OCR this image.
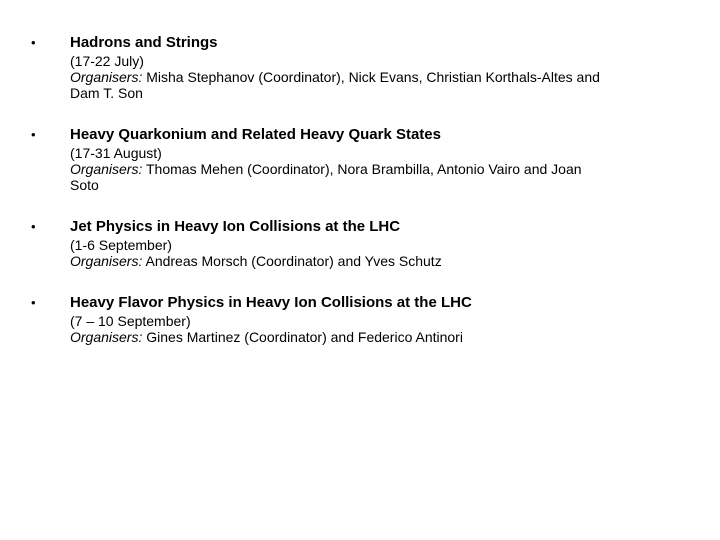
• Hadrons and Strings
(17-22 July)
Organisers: Misha Stephanov (Coordinator), Nick Evans, Christian Korthals-Altes and
Dam T. Son
• Heavy Quarkonium and Related Heavy Quark States
(17-31 August)
Organisers: Thomas Mehen (Coordinator), Nora Brambilla, Antonio Vairo and Joan
Soto
• Jet Physics in Heavy Ion Collisions at the LHC
(1-6 September)
Organisers: Andreas Morsch (Coordinator) and Yves Schutz
• Heavy Flavor Physics in Heavy Ion Collisions at the LHC
(7 – 10 September)
Organisers: Gines Martinez (Coordinator) and Federico Antinori
